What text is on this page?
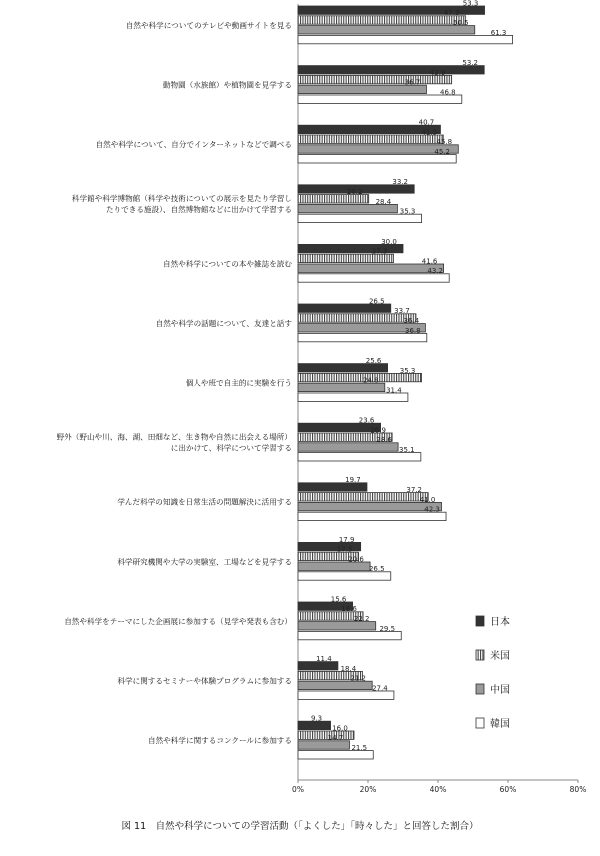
0%	20%	40%	60%	80%
自然や科学についてのテレビや動画サイトを見る
53.3
47.9
50.5
61.3
動物園（水族館）や植物園を見学する
53.2
43.9
36.7
46.8
自然や科学について、自分でインターネットなどで調べる
40.7
41.5
45.8
45.2
科学館や科学博物館（科学や技術についての展示を見たり学習し
たりできる施設）、自然博物館などに出かけて学習する
33.2
20.2
28.4
35.3
自然や科学についての本や雑誌を読む
30.0
27.3
41.6
43.2
自然や科学の話題について、友達と話す
26.5
33.7
36.4
36.8
個人や班で自主的に実験を行う
25.6
35.3
24.8
31.4
野外（野山や川、海、湖、田畑など、生き物や自然に出会える場所）
に出かけて、科学について学習する
23.6
26.9
28.6
35.1
学んだ科学の知識を日常生活の問題解決に活用する
19.7
37.2
41.0
42.3
科学研究機関や大学の実験室、工場などを見学する
17.9
17.3
20.6
26.5
自然や科学をテーマにした企画展に参加する（見学や発表も含む）
15.6
18.6
22.2
29.5
科学に関するセミナーや体験プログラムに参加する
11.4
18.4
21.2
27.4
自然や科学に関するコンクールに参加する
9.3
16.0
14.7
21.5
日本
米国
中国
韓国
図 11　自然や科学についての学習活動（「よくした」「時々した」と回答した割合）
